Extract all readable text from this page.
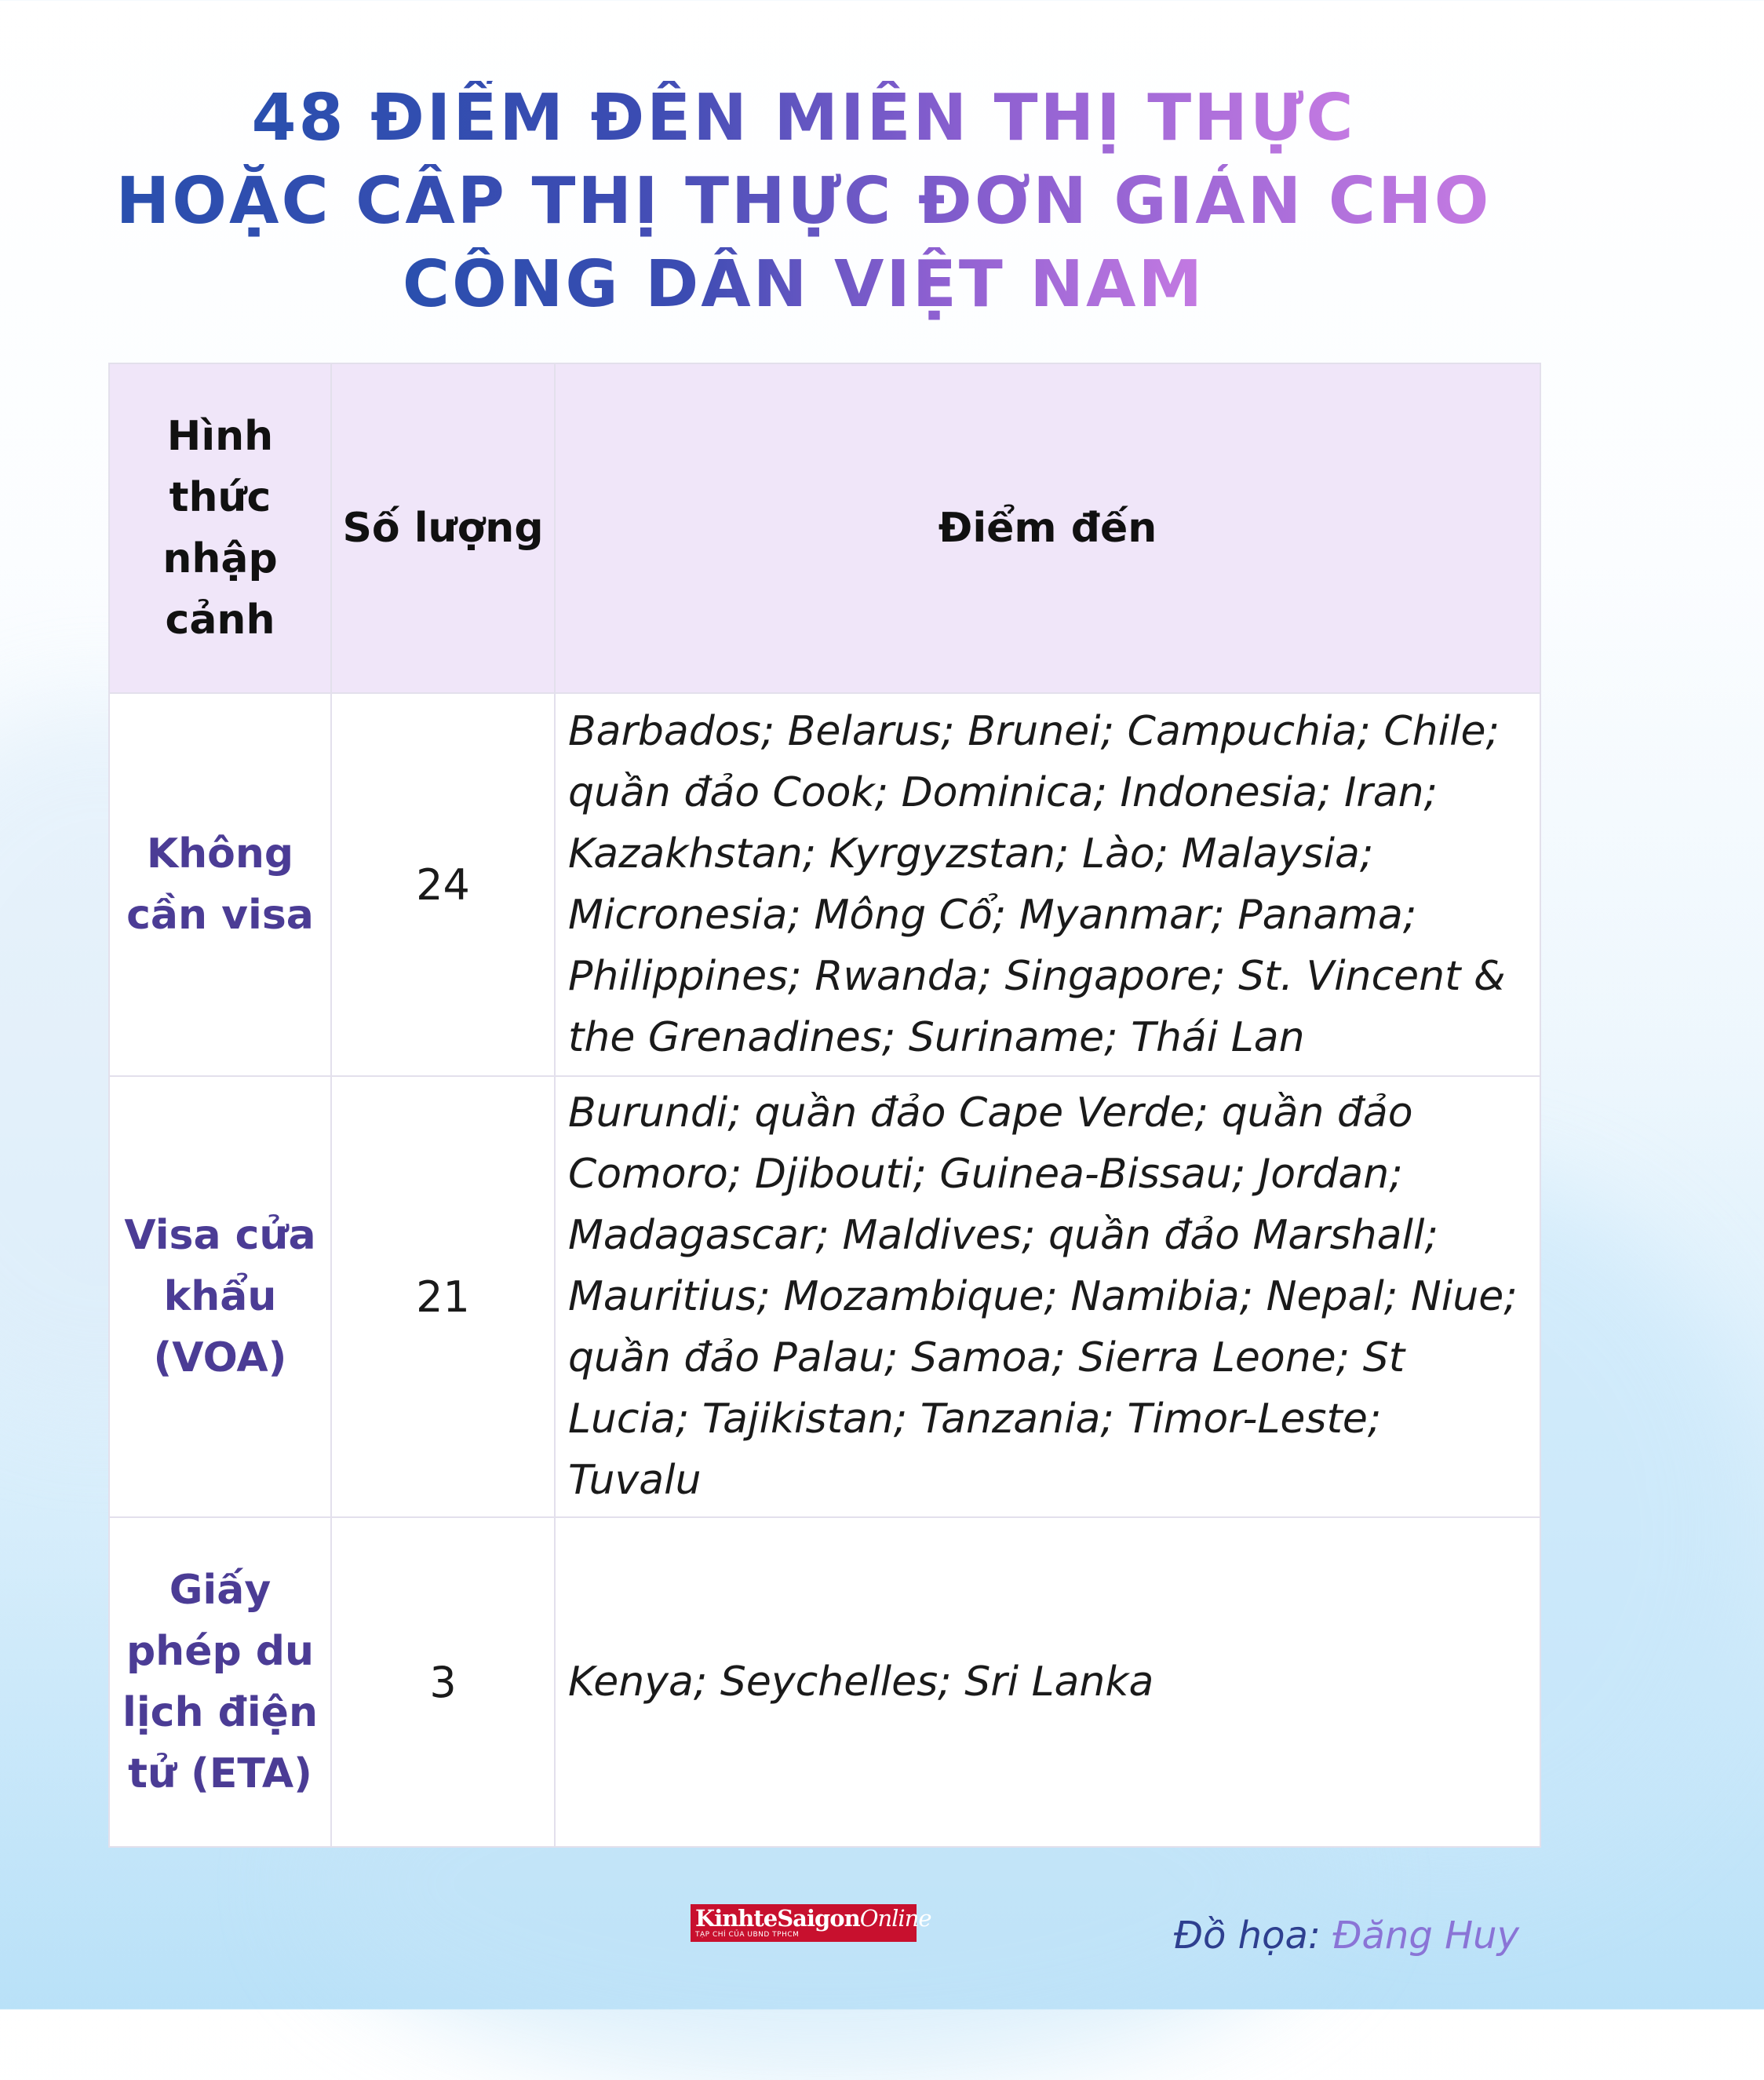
48 ĐIỂM ĐẾN MIỄN THỊ THỰC
HOẶC CẤP THỊ THỰC ĐƠN GIẢN CHO
CÔNG DÂN VIỆT NAM
Hình thức nhập cảnh	Số lượng	Điểm đến
Không cần visa	24	Barbados; Belarus; Brunei; Campuchia; Chile; quần đảo Cook; Dominica; Indonesia; Iran; Kazakhstan; Kyrgyzstan; Lào; Malaysia; Micronesia; Mông Cổ; Myanmar; Panama; Philippines; Rwanda; Singapore; St. Vincent & the Grenadines; Suriname; Thái Lan
Visa cửa khẩu (VOA)	21	Burundi; quần đảo Cape Verde; quần đảo Comoro; Djibouti; Guinea-Bissau; Jordan; Madagascar; Maldives; quần đảo Marshall; Mauritius; Mozambique; Namibia; Nepal; Niue; quần đảo Palau; Samoa; Sierra Leone; St Lucia; Tajikistan; Tanzania; Timor-Leste; Tuvalu
Giấy phép du lịch điện tử (ETA)	3	Kenya; Seychelles; Sri Lanka
KinhteSaigonOnline
TẠP CHÍ CỦA UBND TPHCM	Đồ họa: Đăng Huy
